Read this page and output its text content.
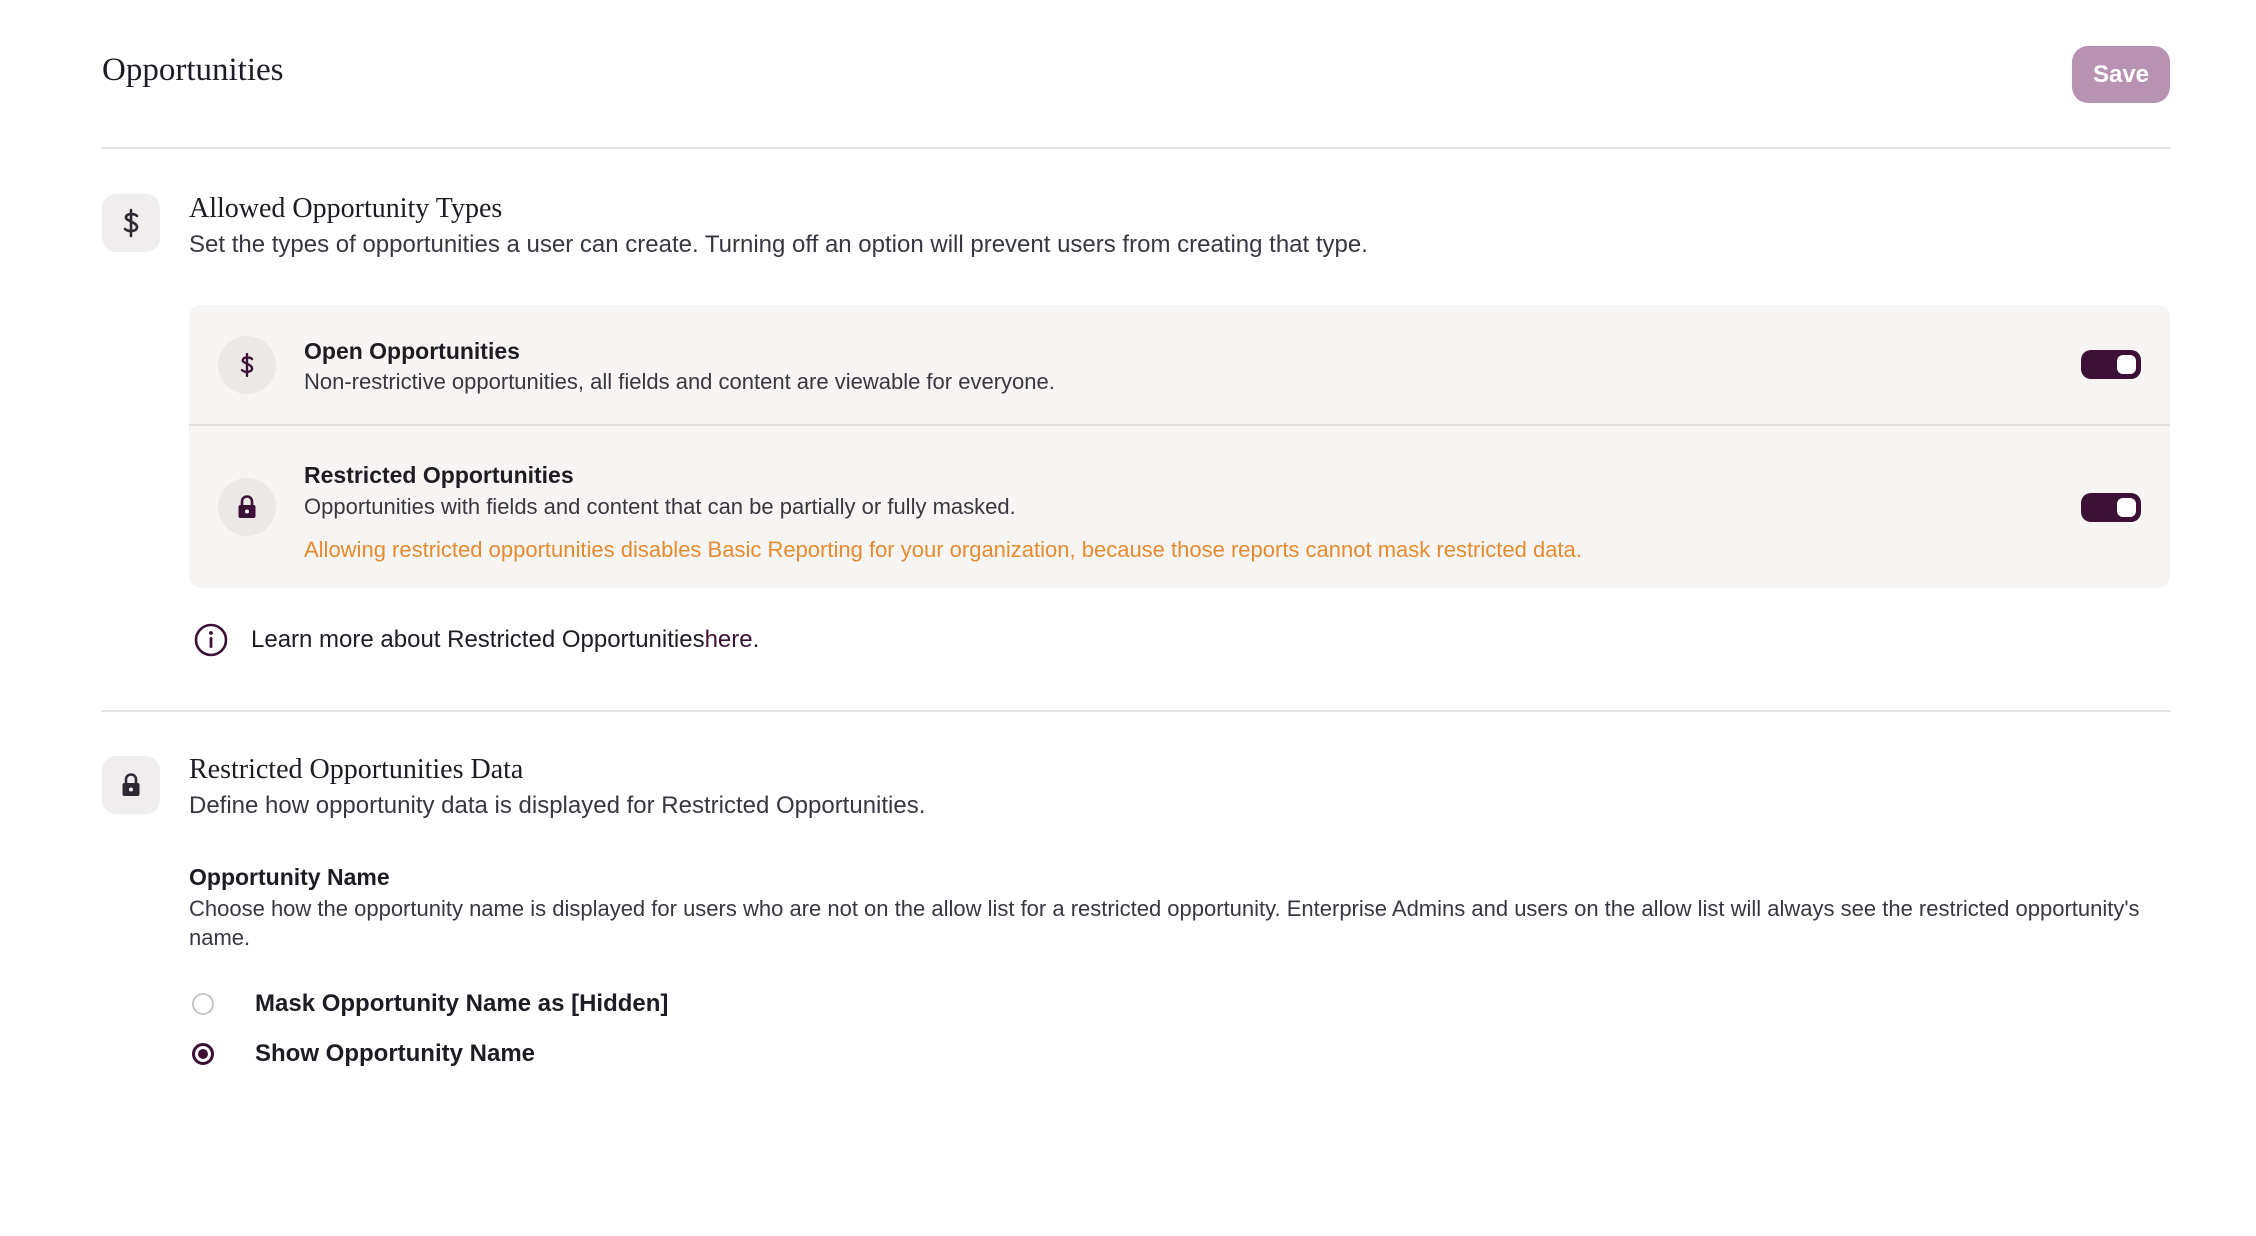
Opportunities	Save
Allowed Opportunity Types
Set the types of opportunities a user can create. Turning off an option will prevent users from creating that type.
Open Opportunities
Non-restrictive opportunities, all fields and content are viewable for everyone.
Restricted Opportunities
Opportunities with fields and content that can be partially or fully masked.
Allowing restricted opportunities disables Basic Reporting for your organization, because those reports cannot mask restricted data.
Learn more about Restricted Opportunities here .
Restricted Opportunities Data
Define how opportunity data is displayed for Restricted Opportunities.
Opportunity Name
Choose how the opportunity name is displayed for users who are not on the allow list for a restricted opportunity. Enterprise Admins and users on the allow list will always see the restricted opportunity's name.
Mask Opportunity Name as [Hidden]
Show Opportunity Name
